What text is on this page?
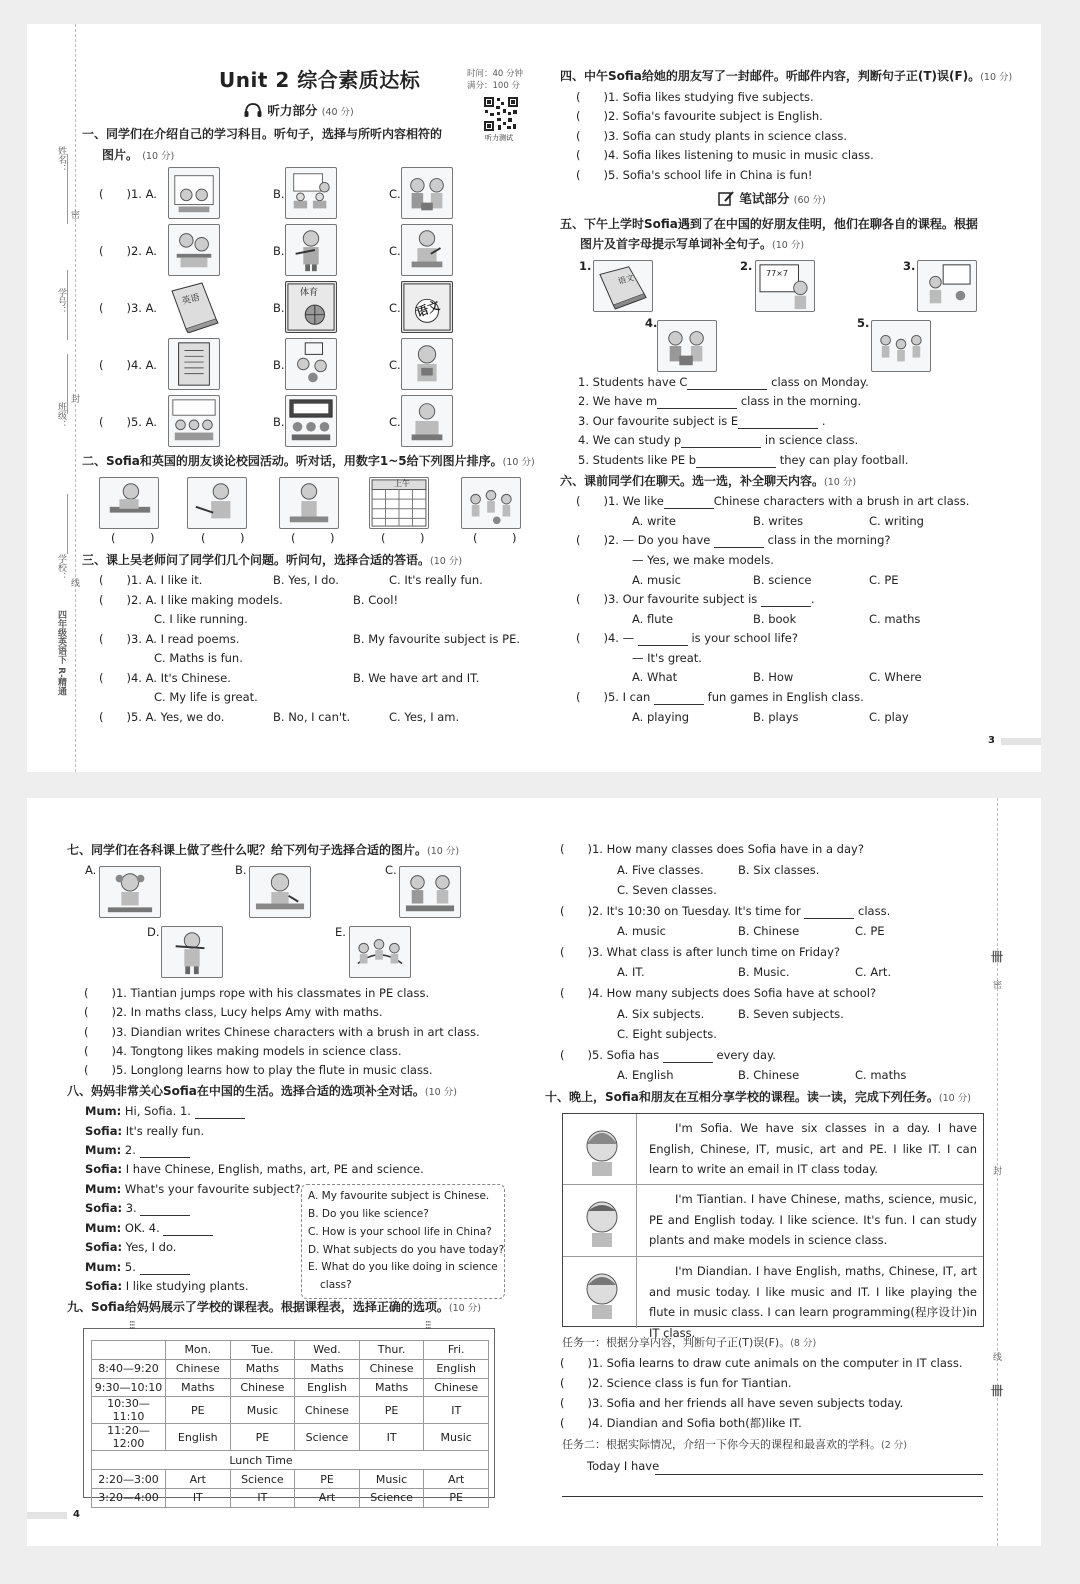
姓名：
学号：
班级：
学校：
四年级英语下 R-精通
密
封
线
Unit 2 综合素质达标	时间：40 分钟
满分：100 分
听力测试
听力部分 (40 分)
一、同学们在介绍自己的学习科目。听句子，选择与所听内容相符的
图片。 (10 分)
(　　)1. A.	B.	C.
(　　)2. A.	B.	C.
(　　)3. A.
英语
B.
体育
C. 语文
(　　)4. A.	B.	C.
(　　)5. A.	B.	C.
二、Sofia和英国的朋友谈论校园活动。听对话，用数字1~5给下列图片排序。(10 分)
上午
(　　　)	(　　　)	(　　　)	(　　　)	(　　　)
三、课上吴老师问了同学们几个问题。听问句，选择合适的答语。(10 分)
(　　)1. A. I like it.	B. Yes, I do.	C. It's really fun.
(　　)2. A. I like making models.	B. Cool!
C. I like running.
(　　)3. A. I read poems.	B. My favourite subject is PE.
C. Maths is fun.
(　　)4. A. It's Chinese.	B. We have art and IT.
C. My life is great.
(　　)5. A. Yes, we do.	B. No, I can't.	C. Yes, I am.
四、中午Sofia给她的朋友写了一封邮件。听邮件内容，判断句子正(T)误(F)。(10 分)
(　　)1. Sofia likes studying five subjects.
(　　)2. Sofia's favourite subject is English.
(　　)3. Sofia can study plants in science class.
(　　)4. Sofia likes listening to music in music class.
(　　)5. Sofia's school life in China is fun!
笔试部分 (60 分)
五、下午上学时Sofia遇到了在中国的好朋友佳明，他们在聊各自的课程。根据
图片及首字母提示写单词补全句子。(10 分)
1.
语文
2.
77×7
3.
4.	5.
1. Students have C	class on Monday.
2. We have m	class in the morning.
3. Our favourite subject is E	.
4. We can study p	in science class.
5. Students like PE b	they can play football.
六、课前同学们在聊天。选一选，补全聊天内容。(10 分)
(　　)1. We like	Chinese characters with a brush in art class.
A. write	B. writes	C. writing
(　　)2. — Do you have	class in the morning?
— Yes, we make models.
A. music	B. science	C. PE
(　　)3. Our favourite subject is	.
A. flute	B. book	C. maths
(　　)4. —	is your school life?
— It's great.
A. What	B. How	C. Where
(　　)5. I can	fun games in English class.
A. playing	B. plays	C. play
3
卌
密
封
线
卌
七、同学们在各科课上做了些什么呢？给下列句子选择合适的图片。(10 分)
A.	B.	C.
D.	E.
(　　)1. Tiantian jumps rope with his classmates in PE class.
(　　)2. In maths class, Lucy helps Amy with maths.
(　　)3. Diandian writes Chinese characters with a brush in art class.
(　　)4. Tongtong likes making models in science class.
(　　)5. Longlong learns how to play the flute in music class.
八、妈妈非常关心Sofia在中国的生活。选择合适的选项补全对话。(10 分)
Mum: Hi, Sofia. 1.
Sofia: It's really fun.
Mum: 2.
Sofia: I have Chinese, English, maths, art, PE and science.
Mum: What's your favourite subject?
Sofia: 3.
Mum: OK. 4.
Sofia: Yes, I do.
Mum: 5.
Sofia: I like studying plants.
A. My favourite subject is Chinese.
B. Do you like science?
C. How is your school life in China?
D. What subjects do you have today?
E. What do you like doing in science
class?
九、Sofia给妈妈展示了学校的课程表。根据课程表，选择正确的选项。(10 分)
⫶⫶⫶	⫶⫶⫶
	Mon.	Tue.	Wed.	Thur.	Fri.
8:40—9:20	Chinese	Maths	Maths	Chinese	English
9:30—10:10	Maths	Chinese	English	Maths	Chinese
10:30—11:10	PE	Music	Chinese	PE	IT
11:20—12:00	English	PE	Science	IT	Music
Lunch Time					
2:20—3:00	Art	Science	PE	Music	Art
3:20—4:00	IT	IT	Art	Science	PE
(　　)1. How many classes does Sofia have in a day?
A. Five classes.	B. Six classes.
C. Seven classes.
(　　)2. It's 10:30 on Tuesday. It's time for	class.
A. music	B. Chinese	C. PE
(　　)3. What class is after lunch time on Friday?
A. IT.	B. Music.	C. Art.
(　　)4. How many subjects does Sofia have at school?
A. Six subjects.	B. Seven subjects.
C. Eight subjects.
(　　)5. Sofia has	every day.
A. English	B. Chinese	C. maths
十、晚上，Sofia和朋友在互相分享学校的课程。读一读，完成下列任务。(10 分)
I'm Sofia. We have six classes in a day. I have English, Chinese, IT, music, art and PE. I like IT. I can learn to write an email in IT class today.
I'm Tiantian. I have Chinese, maths, science, music, PE and English today. I like science. It's fun. I can study plants and make models in science class.
I'm Diandian. I have English, maths, Chinese, IT, art and music today. I like music and IT. I like playing the flute in music class. I can learn programming(程序设计)in IT class.
任务一：根据分享内容，判断句子正(T)误(F)。(8 分)
(　　)1. Sofia learns to draw cute animals on the computer in IT class.
(　　)2. Science class is fun for Tiantian.
(　　)3. Sofia and her friends all have seven subjects today.
(　　)4. Diandian and Sofia both(都)like IT.
任务二：根据实际情况，介绍一下你今天的课程和最喜欢的学科。(2 分)
Today I have
4
